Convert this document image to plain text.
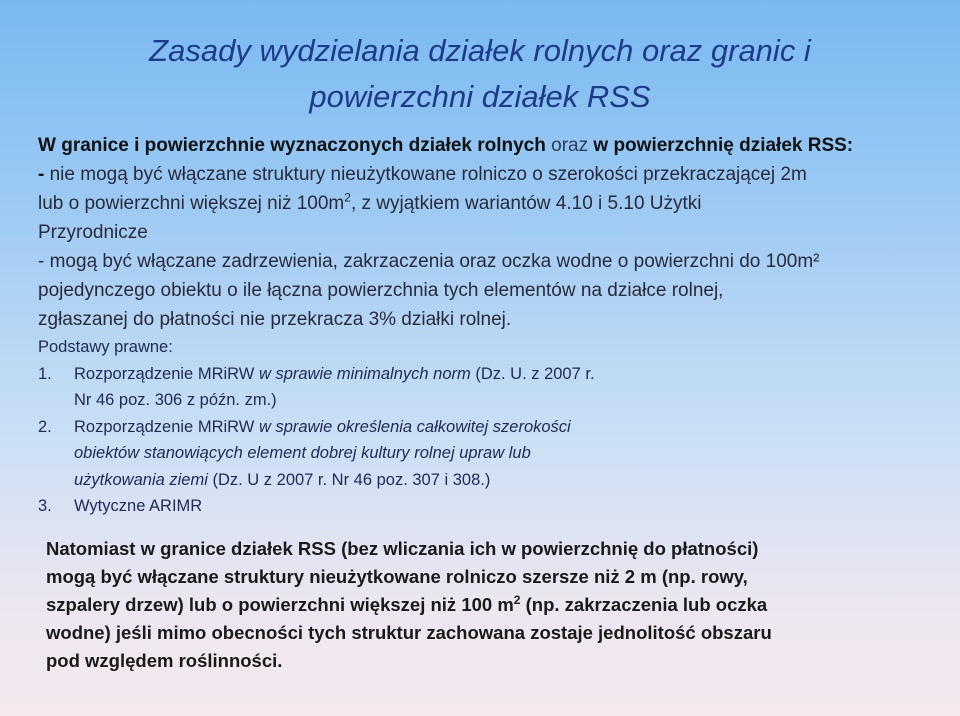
Zasady wydzielania działek rolnych oraz granic i
powierzchni działek RSS
W granice i powierzchnie wyznaczonych działek rolnych oraz w powierzchnię działek RSS:
- nie mogą być włączane struktury nieużytkowane rolniczo o szerokości przekraczającej 2m
lub o powierzchni większej niż $100m^2$, z wyjątkiem wariantów 4.10 i 5.10 Użytki
Przyrodnicze
- mogą być włączane zadrzewienia, zakrzaczenia oraz oczka wodne o powierzchni do 100m²
pojedynczego obiektu o ile łączna powierzchnia tych elementów na działce rolnej,
zgłaszanej do płatności nie przekracza 3% działki rolnej.
Podstawy prawne:
1. Rozporządzenie MRiRW w sprawie minimalnych norm (Dz. U. z 2007 r.
Nr 46 poz. 306 z późn. zm.)
2. Rozporządzenie MRiRW w sprawie określenia całkowitej szerokości
obiektów stanowiących element dobrej kultury rolnej upraw lub
użytkowania ziemi (Dz. U z 2007 r. Nr 46 poz. 307 i 308.)
3. Wytyczne ARIMR
Natomiast w granice działek RSS (bez wliczania ich w powierzchnię do płatności)
mogą być włączane struktury nieużytkowane rolniczo szersze niż 2 m (np. rowy,
szpalery drzew) lub o powierzchni większej niż 100 $m^2$ (np. zakrzaczenia lub oczka
wodne) jeśli mimo obecności tych struktur zachowana zostaje jednolitość obszaru
pod względem roślinności.
